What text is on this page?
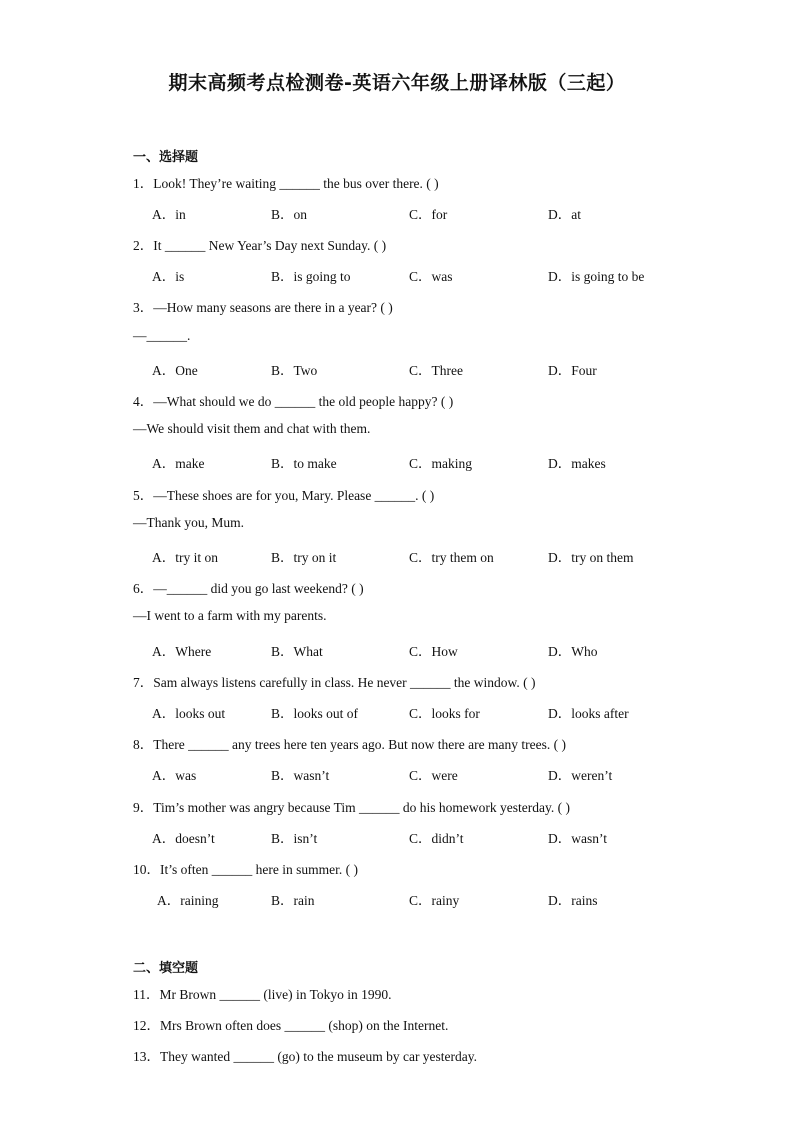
期末高频考点检测卷-英语六年级上册译林版（三起）
一、选择题
1．Look! They’re waiting ______ the bus over there. ( )
A．in	B．on	C．for	D．at
2．It ______ New Year’s Day next Sunday. ( )
A．is	B．is going to	C．was	D．is going to be
3．—How many seasons are there in a year? ( )
—______.
A．One	B．Two	C．Three	D．Four
4．—What should we do ______ the old people happy? ( )
—We should visit them and chat with them.
A．make	B．to make	C．making	D．makes
5．—These shoes are for you, Mary. Please ______. ( )
—Thank you, Mum.
A．try it on	B．try on it	C．try them on	D．try on them
6．—______ did you go last weekend? ( )
—I went to a farm with my parents.
A．Where	B．What	C．How	D．Who
7．Sam always listens carefully in class. He never ______ the window. ( )
A．looks out	B．looks out of	C．looks for	D．looks after
8．There ______ any trees here ten years ago. But now there are many trees. ( )
A．was	B．wasn’t	C．were	D．weren’t
9．Tim’s mother was angry because Tim ______ do his homework yesterday. ( )
A．doesn’t	B．isn’t	C．didn’t	D．wasn’t
10．It’s often ______ here in summer. ( )
A．raining	B．rain	C．rainy	D．rains
二、填空题
11．Mr Brown ______ (live) in Tokyo in 1990.
12．Mrs Brown often does ______ (shop) on the Internet.
13．They wanted ______ (go) to the museum by car yesterday.
